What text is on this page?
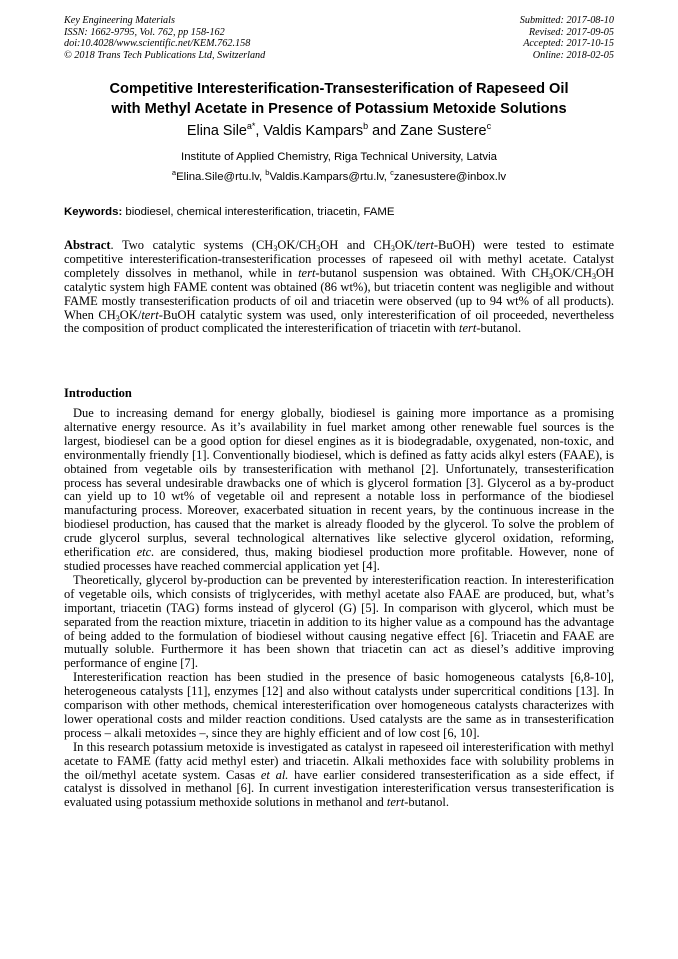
Key Engineering Materials
ISSN: 1662-9795, Vol. 762, pp 158-162
doi:10.4028/www.scientific.net/KEM.762.158
© 2018 Trans Tech Publications Ltd, Switzerland
Submitted: 2017-08-10
Revised: 2017-09-05
Accepted: 2017-10-15
Online: 2018-02-05
Competitive Interesterification-Transesterification of Rapeseed Oil
with Methyl Acetate in Presence of Potassium Metoxide Solutions
Elina Sile$^{a*}$, Valdis Kampars$^b$ and Zane Sustere$^c$
Institute of Applied Chemistry, Riga Technical University, Latvia
$^a$Elina.Sile@rtu.lv, $^b$Valdis.Kampars@rtu.lv, $^c$zanesustere@inbox.lv
Keywords: biodiesel, chemical interesterification, triacetin, FAME
Abstract. Two catalytic systems ($CH_3OK/CH_3OH$ and $CH_3OK/tert-BuOH$) were tested to estimate competitive interesterification-transesterification processes of rapeseed oil with methyl acetate. Catalyst completely dissolves in methanol, while in tert-butanol suspension was obtained. With $CH_3OK/CH_3OH$ catalytic system high FAME content was obtained (86 wt%), but triacetin content was negligible and without FAME mostly transesterification products of oil and triacetin were observed (up to 94 wt% of all products). When $CH_3OK/tert$-BuOH catalytic system was used, only interesterification of oil proceeded, nevertheless the composition of product complicated the interesterification of triacetin with tert-butanol.
Introduction

Due to increasing demand for energy globally, biodiesel is gaining more importance as a promising alternative energy resource. As it’s availability in fuel market among other renewable fuel sources is the largest, biodiesel can be a good option for diesel engines as it is biodegradable, oxygenated, non-toxic, and environmentally friendly [1]. Conventionally biodiesel, which is defined as fatty acids alkyl esters (FAAE), is obtained from vegetable oils by transesterification with methanol [2]. Unfortunately, transesterification process has several undesirable drawbacks one of which is glycerol formation [3]. Glycerol as a by-product can yield up to 10 wt% of vegetable oil and represent a notable loss in performance of the biodiesel manufacturing process. Moreover, exacerbated situation in recent years, by the continuous increase in the biodiesel production, has caused that the market is already flooded by the glycerol. To solve the problem of crude glycerol surplus, several technological alternatives like selective glycerol oxidation, reforming, etherification etc. are considered, thus, making biodiesel production more profitable. However, none of studied processes have reached commercial application yet [4].

Theoretically, glycerol by-production can be prevented by interesterification reaction. In interesterification of vegetable oils, which consists of triglycerides, with methyl acetate also FAAE are produced, but, what’s important, triacetin (TAG) forms instead of glycerol (G) [5]. In comparison with glycerol, which must be separated from the reaction mixture, triacetin in addition to its higher value as a compound has the advantage of being added to the formulation of biodiesel without causing negative effect [6]. Triacetin and FAAE are mutually soluble. Furthermore it has been shown that triacetin can act as diesel’s additive improving performance of engine [7].

Interesterification reaction has been studied in the presence of basic homogeneous catalysts [6,8-10], heterogeneous catalysts [11], enzymes [12] and also without catalysts under supercritical conditions [13]. In comparison with other methods, chemical interesterification over homogeneous catalysts characterizes with lower operational costs and milder reaction conditions. Used catalysts are the same as in transesterification process – alkali metoxides –, since they are highly efficient and of low cost [6, 10].

In this research potassium metoxide is investigated as catalyst in rapeseed oil interesterification with methyl acetate to FAME (fatty acid methyl ester) and triacetin. Alkali methoxides face with solubility problems in the oil/methyl acetate system. Casas et al. have earlier considered transesterification as a side effect, if catalyst is dissolved in methanol [6]. In current investigation interesterification versus transesterification is evaluated using potassium methoxide solutions in methanol and tert-butanol.
